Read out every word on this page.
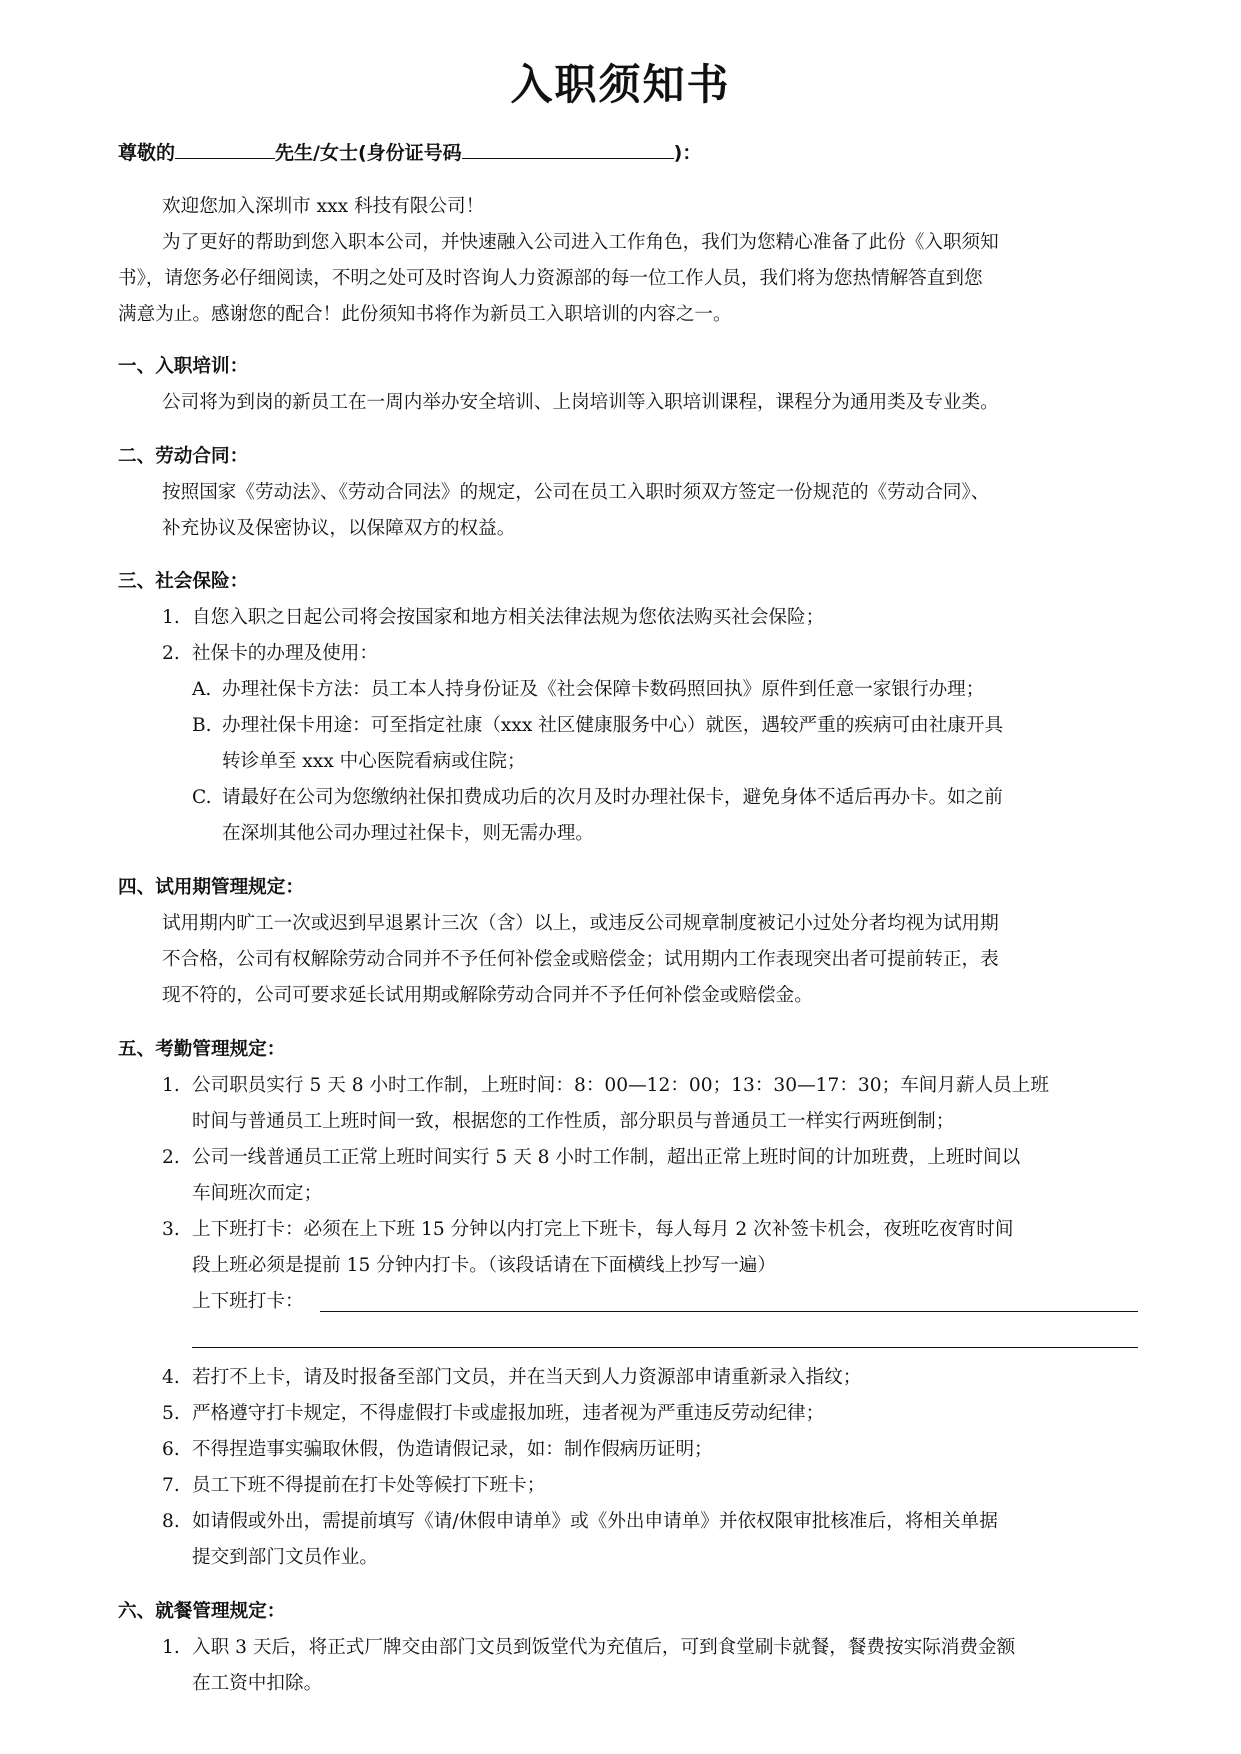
入职须知书
尊敬的	先生/女士(身份证号码	)：
欢迎您加入深圳市 xxx 科技有限公司！
为了更好的帮助到您入职本公司，并快速融入公司进入工作角色，我们为您精心准备了此份《入职须知
书》，请您务必仔细阅读，不明之处可及时咨询人力资源部的每一位工作人员，我们将为您热情解答直到您
满意为止。感谢您的配合！此份须知书将作为新员工入职培训的内容之一。
一、入职培训：
公司将为到岗的新员工在一周内举办安全培训、上岗培训等入职培训课程，课程分为通用类及专业类。
二、劳动合同：
按照国家《劳动法》、《劳动合同法》的规定，公司在员工入职时须双方签定一份规范的《劳动合同》、
补充协议及保密协议，以保障双方的权益。
三、社会保险：
1. 自您入职之日起公司将会按国家和地方相关法律法规为您依法购买社会保险；
2. 社保卡的办理及使用：
A. 办理社保卡方法：员工本人持身份证及《社会保障卡数码照回执》原件到任意一家银行办理；
B. 办理社保卡用途：可至指定社康（xxx 社区健康服务中心）就医，遇较严重的疾病可由社康开具
转诊单至 xxx 中心医院看病或住院；
C. 请最好在公司为您缴纳社保扣费成功后的次月及时办理社保卡，避免身体不适后再办卡。如之前
在深圳其他公司办理过社保卡，则无需办理。
四、试用期管理规定：
试用期内旷工一次或迟到早退累计三次（含）以上，或违反公司规章制度被记小过处分者均视为试用期
不合格，公司有权解除劳动合同并不予任何补偿金或赔偿金；试用期内工作表现突出者可提前转正，表
现不符的，公司可要求延长试用期或解除劳动合同并不予任何补偿金或赔偿金。
五、考勤管理规定：
1. 公司职员实行 5 天 8 小时工作制，上班时间：8：00—12：00；13：30—17：30；车间月薪人员上班
时间与普通员工上班时间一致，根据您的工作性质，部分职员与普通员工一样实行两班倒制；
2. 公司一线普通员工正常上班时间实行 5 天 8 小时工作制，超出正常上班时间的计加班费，上班时间以
车间班次而定；
3. 上下班打卡：必须在上下班 15 分钟以内打完上下班卡，每人每月 2 次补签卡机会，夜班吃夜宵时间
段上班必须是提前 15 分钟内打卡。（该段话请在下面横线上抄写一遍）
上下班打卡：
4. 若打不上卡，请及时报备至部门文员，并在当天到人力资源部申请重新录入指纹；
5. 严格遵守打卡规定，不得虚假打卡或虚报加班，违者视为严重违反劳动纪律；
6. 不得捏造事实骗取休假，伪造请假记录，如：制作假病历证明；
7. 员工下班不得提前在打卡处等候打下班卡；
8. 如请假或外出，需提前填写《请/休假申请单》或《外出申请单》并依权限审批核准后，将相关单据
提交到部门文员作业。
六、就餐管理规定：
1. 入职 3 天后，将正式厂牌交由部门文员到饭堂代为充值后，可到食堂刷卡就餐，餐费按实际消费金额
在工资中扣除。
